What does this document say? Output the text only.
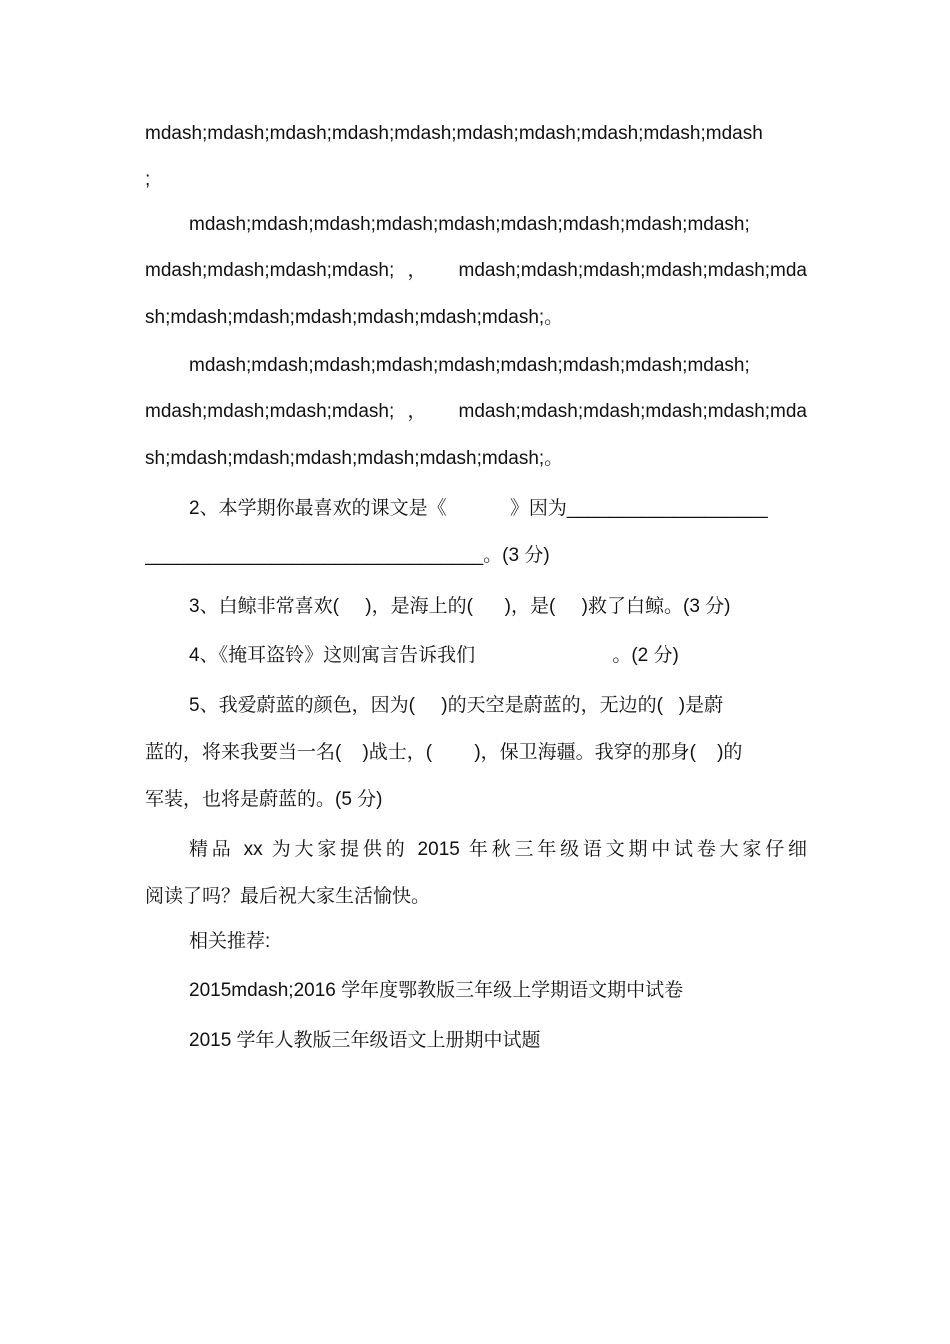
mdash;mdash;mdash;mdash;mdash;mdash;mdash;mdash;mdash;mdash
;
mdash;mdash;mdash;mdash;mdash;mdash;mdash;mdash;mdash;
mdash;mdash;mdash;mdash;， mdash;mdash;mdash;mdash;mdash;mda
sh;mdash;mdash;mdash;mdash;mdash;mdash;。
mdash;mdash;mdash;mdash;mdash;mdash;mdash;mdash;mdash;
mdash;mdash;mdash;mdash;， mdash;mdash;mdash;mdash;mdash;mda
sh;mdash;mdash;mdash;mdash;mdash;mdash;。
2、本学期你最喜欢的课文是《            》因为___________________
________________________________。(3 分)
3、白鲸非常喜欢(     )，是海上的(      )，是(     )救了白鲸。(3 分)
4、《掩耳盗铃》这则寓言告诉我们                          。(2 分)
5、我爱蔚蓝的颜色，因为(     )的天空是蔚蓝的，无边的(   )是蔚
蓝的，将来我要当一名(    )战士，(        )，保卫海疆。我穿的那身(    )的
军装，也将是蔚蓝的。(5 分)
精品 xx 为大家提供的 2015 年秋三年级语文期中试卷大家仔细
阅读了吗？最后祝大家生活愉快。
相关推荐:
2015mdash;2016 学年度鄂教版三年级上学期语文期中试卷
2015 学年人教版三年级语文上册期中试题
